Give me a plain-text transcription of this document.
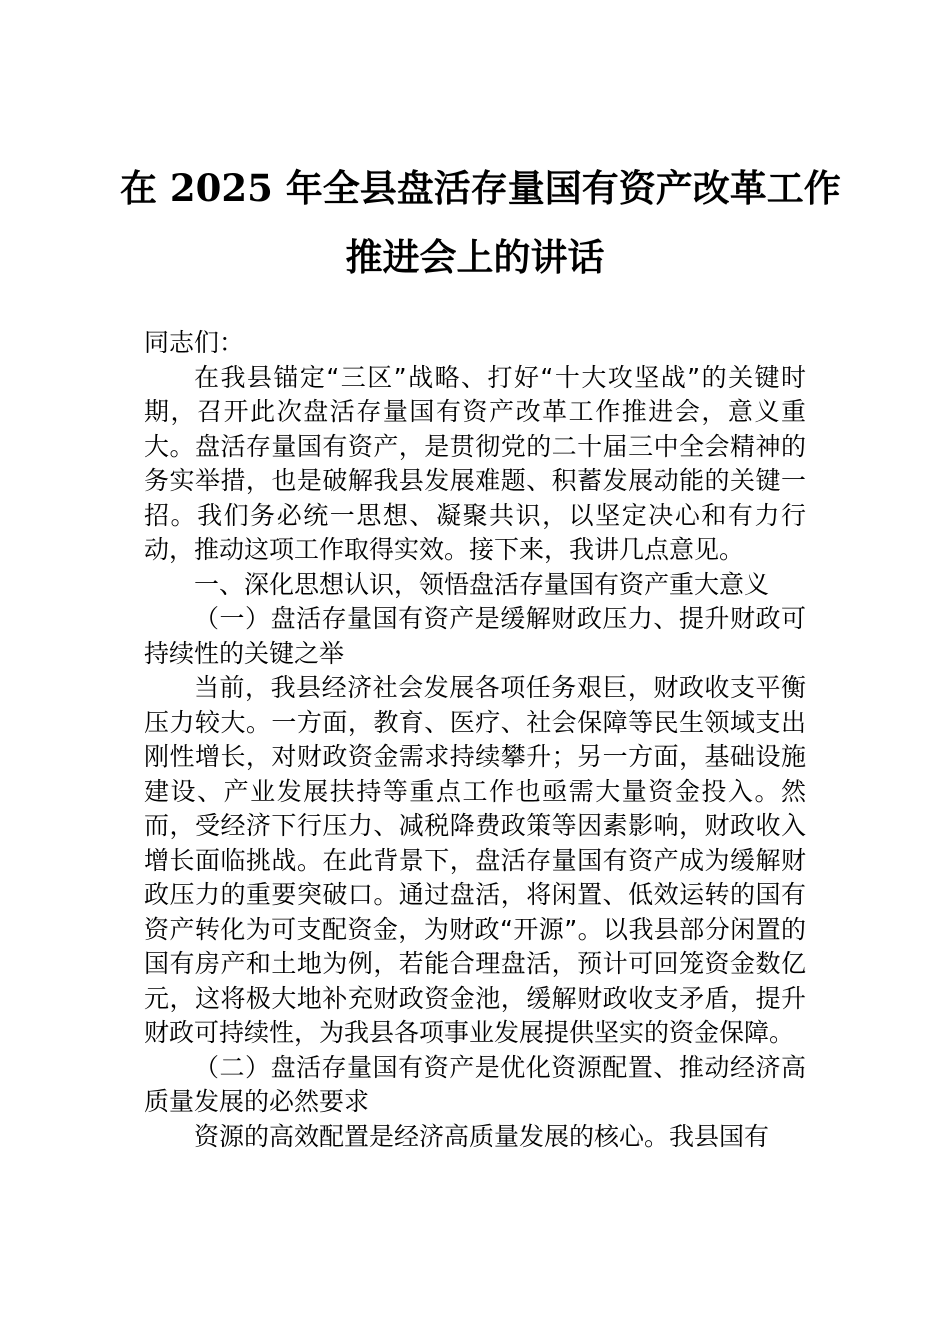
在 2025 年全县盘活存量国有资产改革工作
推进会上的讲话

同志们：

在我县锚定“三区”战略、打好“十大攻坚战”的关键时期，召开此次盘活存量国有资产改革工作推进会，意义重大。盘活存量国有资产，是贯彻党的二十届三中全会精神的务实举措，也是破解我县发展难题、积蓄发展动能的关键一招。我们务必统一思想、凝聚共识，以坚定决心和有力行动，推动这项工作取得实效。接下来，我讲几点意见。

一、深化思想认识，领悟盘活存量国有资产重大意义

（一）盘活存量国有资产是缓解财政压力、提升财政可持续性的关键之举

当前，我县经济社会发展各项任务艰巨，财政收支平衡压力较大。一方面，教育、医疗、社会保障等民生领域支出刚性增长，对财政资金需求持续攀升；另一方面，基础设施建设、产业发展扶持等重点工作也亟需大量资金投入。然而，受经济下行压力、减税降费政策等因素影响，财政收入增长面临挑战。在此背景下，盘活存量国有资产成为缓解财政压力的重要突破口。通过盘活，将闲置、低效运转的国有资产转化为可支配资金，为财政“开源”。以我县部分闲置的国有房产和土地为例，若能合理盘活，预计可回笼资金数亿元，这将极大地补充财政资金池，缓解财政收支矛盾，提升财政可持续性，为我县各项事业发展提供坚实的资金保障。

（二）盘活存量国有资产是优化资源配置、推动经济高质量发展的必然要求

资源的高效配置是经济高质量发展的核心。我县国有
